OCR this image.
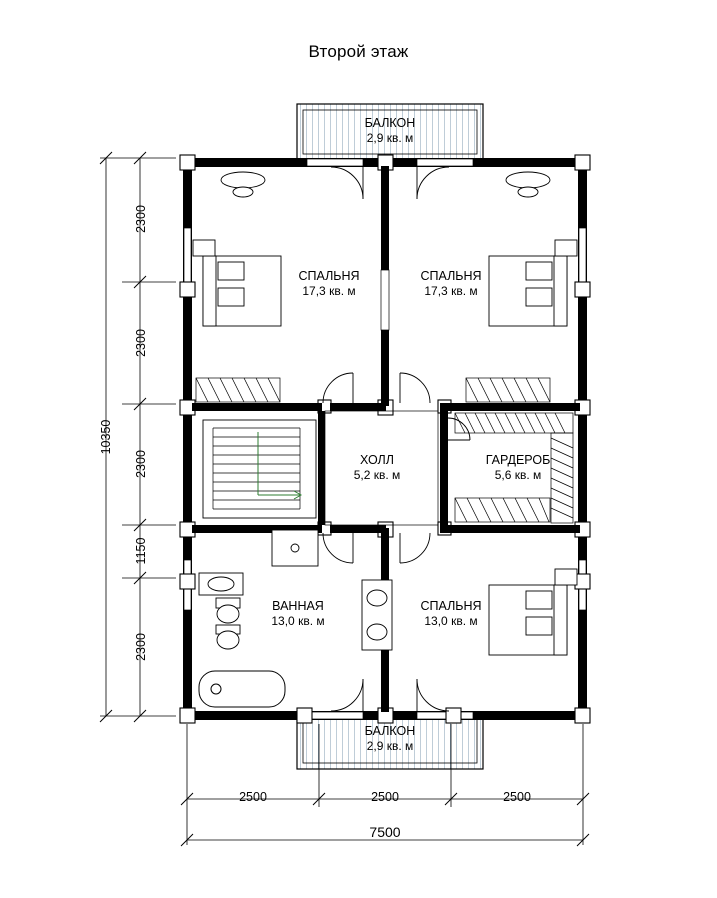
Второй этаж
БАЛКОН
2,9 кв. м
СПАЛЬНЯ
17,3 кв. м
СПАЛЬНЯ
17,3 кв. м
ХОЛЛ
5,2 кв. м
ГАРДЕРОБ
5,6 кв. м
ВАННАЯ
13,0 кв. м
СПАЛЬНЯ
13,0 кв. м
БАЛКОН
2,9 кв. м
10350
2300
2300
2300
1150
2300
2500	2500	2500
7500
